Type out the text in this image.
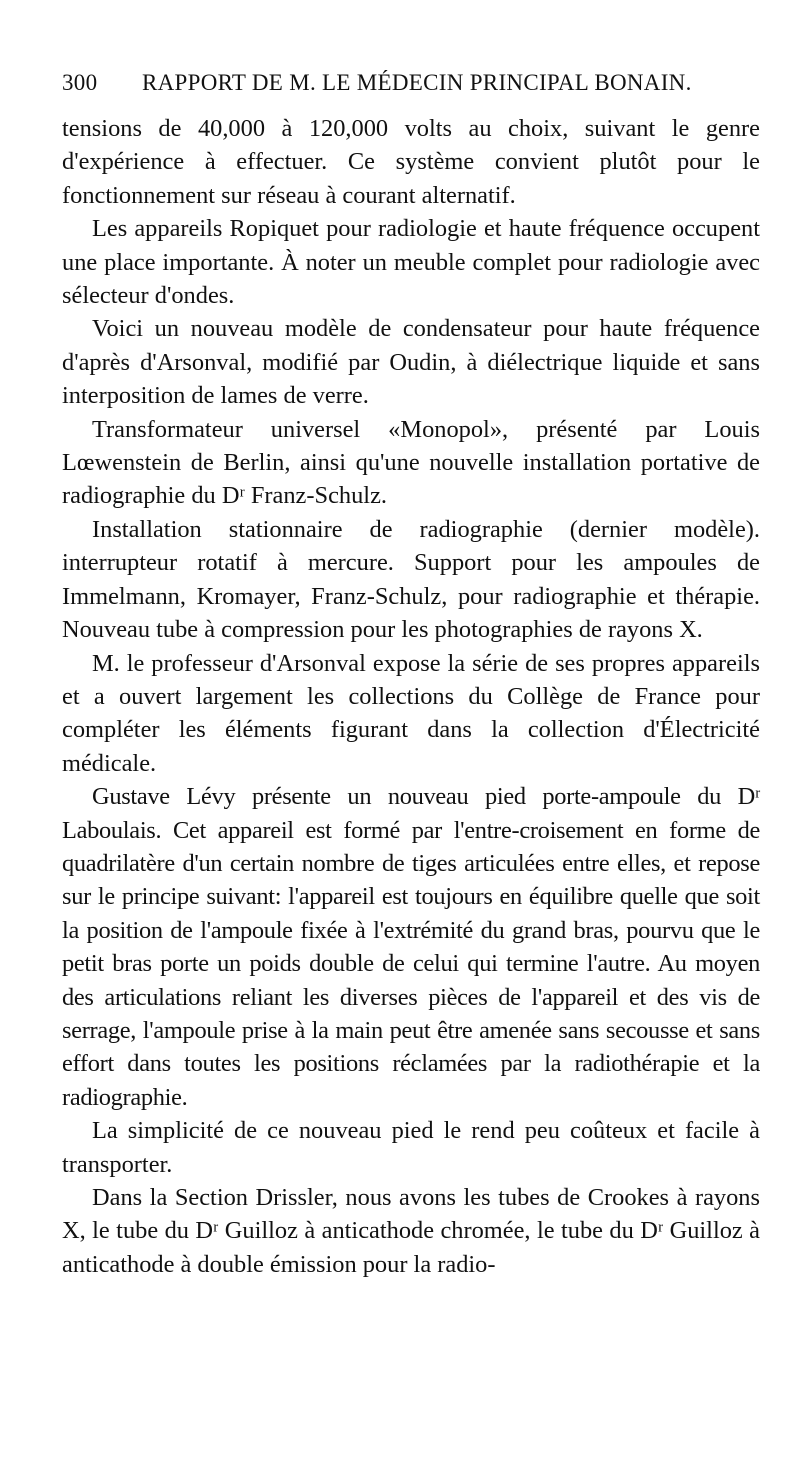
300	RAPPORT DE M. LE MÉDECIN PRINCIPAL BONAIN.

tensions de 40,000 à 120,000 volts au choix, suivant le genre d'expérience à effectuer. Ce système convient plutôt pour le fonctionnement sur réseau à courant alternatif.

Les appareils Ropiquet pour radiologie et haute fréquence occupent une place importante. À noter un meuble complet pour radiologie avec sélecteur d'ondes.

Voici un nouveau modèle de condensateur pour haute fréquence d'après d'Arsonval, modifié par Oudin, à diélectrique liquide et sans interposition de lames de verre.

Transformateur universel «Monopol», présenté par Louis Lœwenstein de Berlin, ainsi qu'une nouvelle installation portative de radiographie du Dʳ Franz-Schulz.

Installation stationnaire de radiographie (dernier modèle). interrupteur rotatif à mercure. Support pour les ampoules de Immelmann, Kromayer, Franz-Schulz, pour radiographie et thérapie. Nouveau tube à compression pour les photographies de rayons X.

M. le professeur d'Arsonval expose la série de ses propres appareils et a ouvert largement les collections du Collège de France pour compléter les éléments figurant dans la collection d'Électricité médicale.

Gustave Lévy présente un nouveau pied porte-ampoule du Dʳ Laboulais. Cet appareil est formé par l'entre-croisement en forme de quadrilatère d'un certain nombre de tiges articulées entre elles, et repose sur le principe suivant: l'appareil est toujours en équilibre quelle que soit la position de l'ampoule fixée à l'extrémité du grand bras, pourvu que le petit bras porte un poids double de celui qui termine l'autre. Au moyen des articulations reliant les diverses pièces de l'appareil et des vis de serrage, l'ampoule prise à la main peut être amenée sans secousse et sans effort dans toutes les positions réclamées par la radiothérapie et la radiographie.

La simplicité de ce nouveau pied le rend peu coûteux et facile à transporter.

Dans la Section Drissler, nous avons les tubes de Crookes à rayons X, le tube du Dʳ Guilloz à anticathode chromée, le tube du Dʳ Guilloz à anticathode à double émission pour la radio-
